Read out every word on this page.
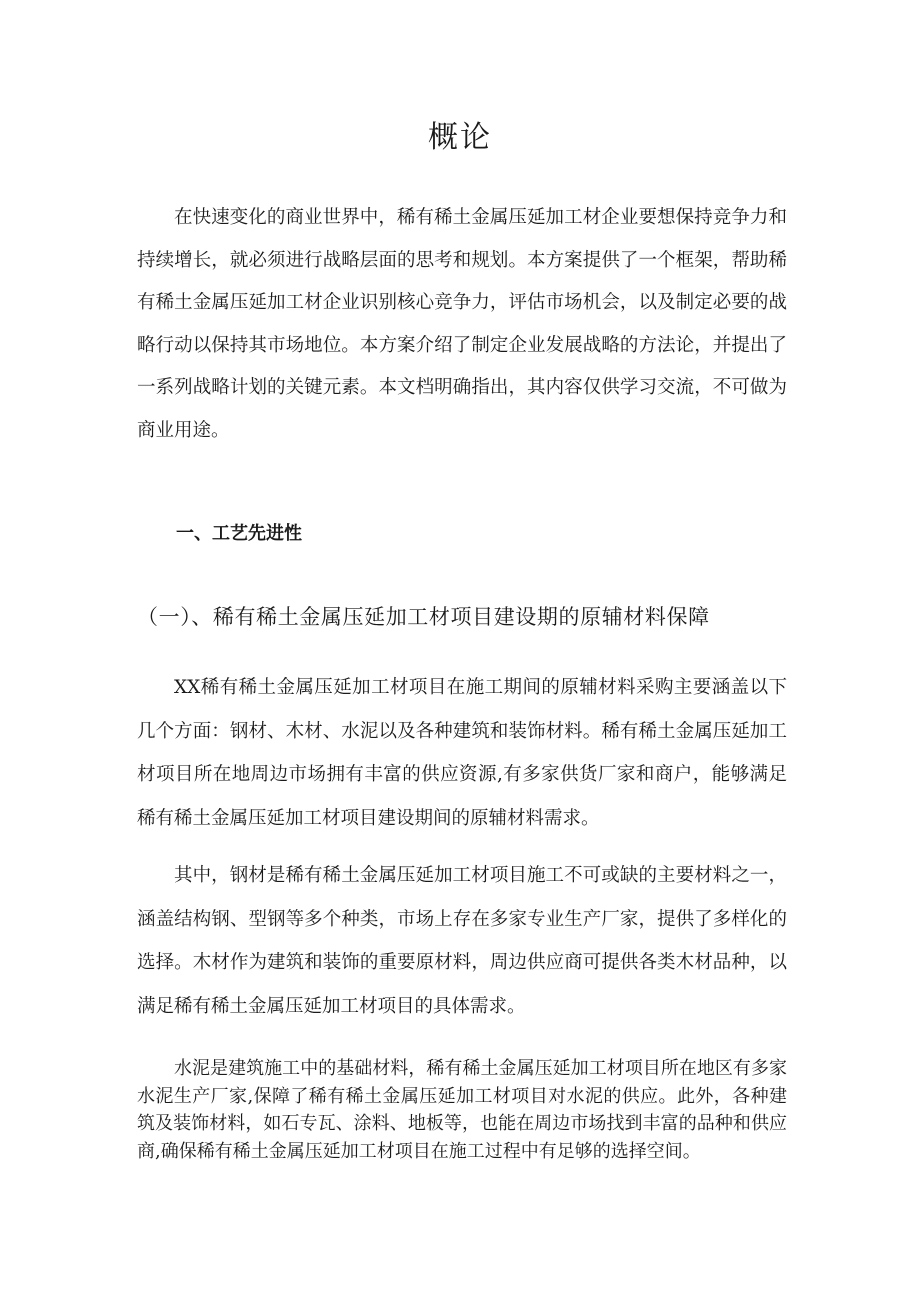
概论

在快速变化的商业世界中，稀有稀土金属压延加工材企业要想保持竞争力和持续增长，就必须进行战略层面的思考和规划。本方案提供了一个框架，帮助稀有稀土金属压延加工材企业识别核心竞争力，评估市场机会，以及制定必要的战略行动以保持其市场地位。本方案介绍了制定企业发展战略的方法论，并提出了一系列战略计划的关键元素。本文档明确指出，其内容仅供学习交流，不可做为商业用途。

一、工艺先进性
（一）、稀有稀土金属压延加工材项目建设期的原辅材料保障

XX稀有稀土金属压延加工材项目在施工期间的原辅材料采购主要涵盖以下几个方面：钢材、木材、水泥以及各种建筑和装饰材料。稀有稀土金属压延加工材项目所在地周边市场拥有丰富的供应资源,有多家供货厂家和商户，能够满足稀有稀土金属压延加工材项目建设期间的原辅材料需求。

其中，钢材是稀有稀土金属压延加工材项目施工不可或缺的主要材料之一，涵盖结构钢、型钢等多个种类，市场上存在多家专业生产厂家，提供了多样化的选择。木材作为建筑和装饰的重要原材料，周边供应商可提供各类木材品种，以满足稀有稀土金属压延加工材项目的具体需求。

水泥是建筑施工中的基础材料，稀有稀土金属压延加工材项目所在地区有多家水泥生产厂家,保障了稀有稀土金属压延加工材项目对水泥的供应。此外，各种建筑及装饰材料，如石专瓦、涂料、地板等，也能在周边市场找到丰富的品种和供应商,确保稀有稀土金属压延加工材项目在施工过程中有足够的选择空间。
